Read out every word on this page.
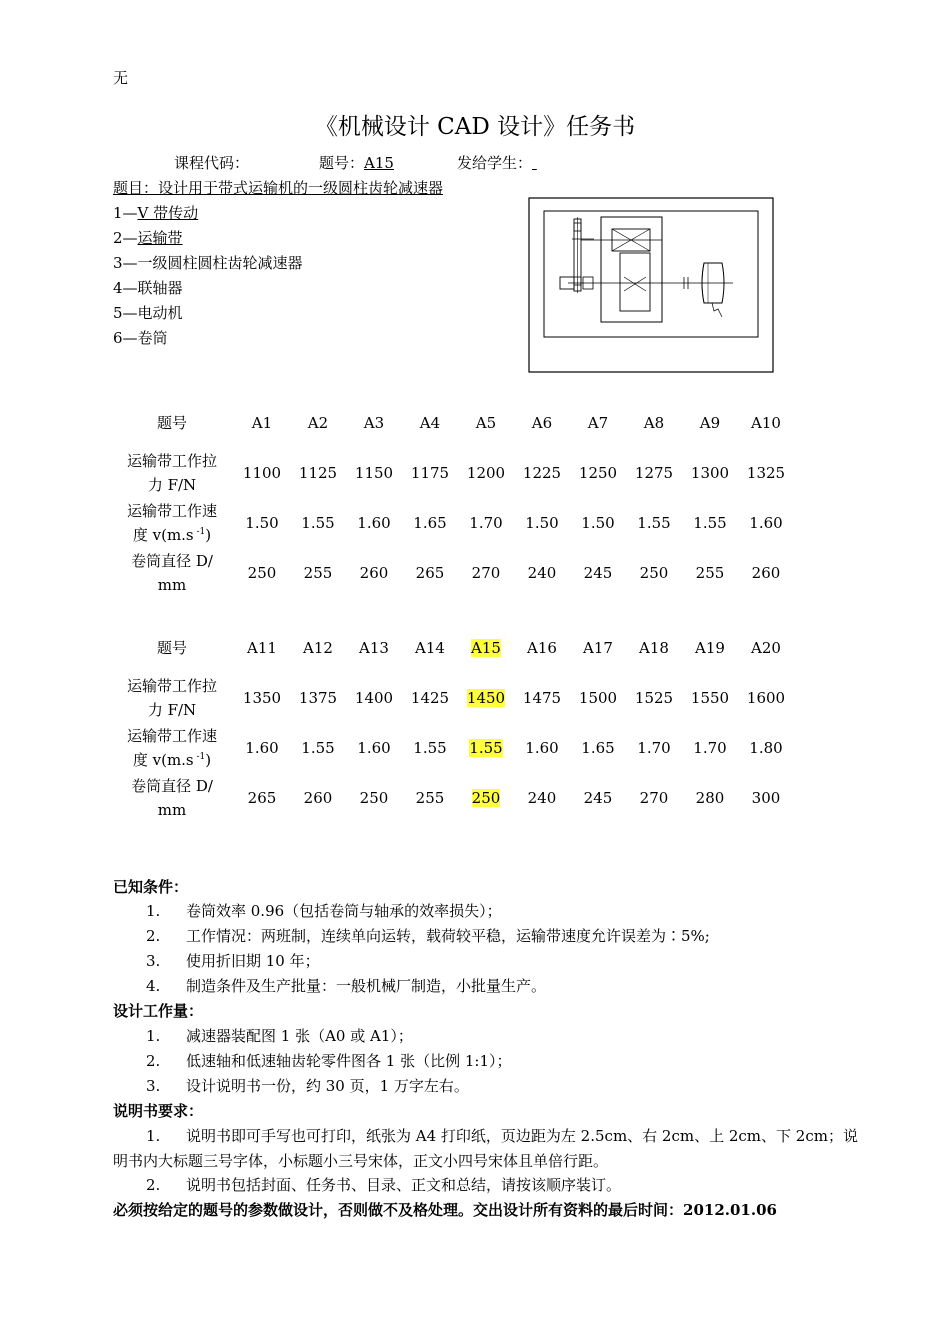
无
《机械设计 CAD 设计》任务书
课程代码：	题号：A15	发给学生：
题目：设计用于带式运输机的一级圆柱齿轮减速器
1—V 带传动
2—运输带
3—一级圆柱圆柱齿轮减速器
4—联轴器
5—电动机
6—卷筒
题号	A1	A2	A3	A4	A5	A6	A7	A8	A9	A10
运输带工作拉
力 F/N	1100	1125	1150	1175	1200	1225	1250	1275	1300	1325
运输带工作速
度 v(m.s $^{-1}$)	1.50	1.55	1.60	1.65	1.70	1.50	1.50	1.55	1.55	1.60
卷筒直径 D/
mm	250	255	260	265	270	240	245	250	255	260
题号	A11	A12	A13	A14	A15	A16	A17	A18	A19	A20
运输带工作拉
力 F/N	1350	1375	1400	1425	1450	1475	1500	1525	1550	1600
运输带工作速
度 v(m.s $^{-1}$)	1.60	1.55	1.60	1.55	1.55	1.60	1.65	1.70	1.70	1.80
卷筒直径 D/
mm	265	260	250	255	250	240	245	270	280	300
已知条件：
1. 卷筒效率 0.96（包括卷筒与轴承的效率损失）；
2. 工作情况：两班制，连续单向运转，载荷较平稳，运输带速度允许误差为∶5%;
3. 使用折旧期 10 年；
4. 制造条件及生产批量：一般机械厂制造，小批量生产。
设计工作量：
1. 减速器装配图 1 张（A0 或 A1）；
2. 低速轴和低速轴齿轮零件图各 1 张（比例 1:1）；
3. 设计说明书一份，约 30 页，1 万字左右。
说明书要求：
1. 说明书即可手写也可打印，纸张为 A4 打印纸，页边距为左 2.5cm、右 2cm、上 2cm、下 2cm；说
明书内大标题三号字体，小标题小三号宋体，正文小四号宋体且单倍行距。
2. 说明书包括封面、任务书、目录、正文和总结，请按该顺序装订。
必须按给定的题号的参数做设计，否则做不及格处理。交出设计所有资料的最后时间：2012.01.06
